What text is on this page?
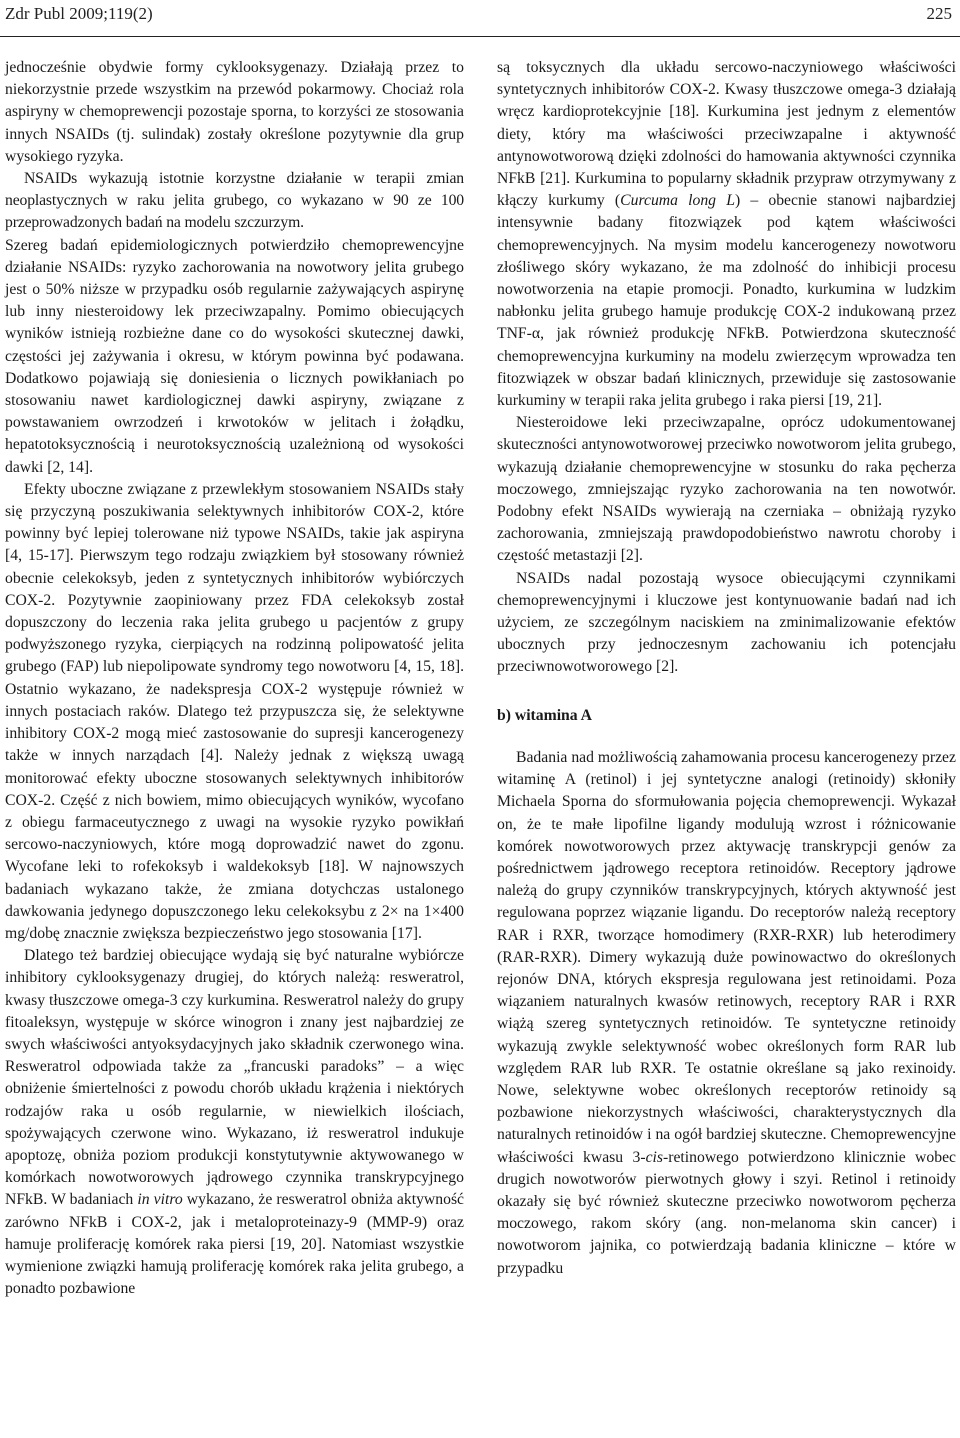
Zdr Publ 2009;119(2)	225

jednocześnie obydwie formy cyklooksygenazy. Działają przez to niekorzystnie przede wszystkim na przewód pokarmowy. Chociaż rola aspiryny w chemoprewencji pozostaje sporna, to korzyści ze stosowania innych NSAIDs (tj. sulindak) zostały określone pozytywnie dla grup wysokiego ryzyka.

NSAIDs wykazują istotnie korzystne działanie w terapii zmian neoplastycznych w raku jelita grubego, co wykazano w 90 ze 100 przeprowadzonych badań na modelu szczurzym.

Szereg badań epidemiologicznych potwierdziło chemoprewencyjne działanie NSAIDs: ryzyko zachorowania na nowotwory jelita grubego jest o 50% niższe w przypadku osób regularnie zażywających aspirynę lub inny niesteroidowy lek przeciwzapalny. Pomimo obiecujących wyników istnieją rozbieżne dane co do wysokości skutecznej dawki, częstości jej zażywania i okresu, w którym powinna być podawana. Dodatkowo pojawiają się doniesienia o licznych powikłaniach po stosowaniu nawet kardiologicznej dawki aspiryny, związane z powstawaniem owrzodzeń i krwotoków w jelitach i żołądku, hepatotoksycznością i neurotoksycznością uzależnioną od wysokości dawki [2, 14].

Efekty uboczne związane z przewlekłym stosowaniem NSAIDs stały się przyczyną poszukiwania selektywnych inhibitorów COX-2, które powinny być lepiej tolerowane niż typowe NSAIDs, takie jak aspiryna [4, 15-17]. Pierwszym tego rodzaju związkiem był stosowany również obecnie celekoksyb, jeden z syntetycznych inhibitorów wybiórczych COX-2. Pozytywnie zaopiniowany przez FDA celekoksyb został dopuszczony do leczenia raka jelita grubego u pacjentów z grupy podwyższonego ryzyka, cierpiących na rodzinną polipowatość jelita grubego (FAP) lub niepolipowate syndromy tego nowotworu [4, 15, 18]. Ostatnio wykazano, że nadekspresja COX-2 występuje również w innych postaciach raków. Dlatego też przypuszcza się, że selektywne inhibitory COX-2 mogą mieć zastosowanie do supresji kancerogenezy także w innych narządach [4]. Należy jednak z większą uwagą monitorować efekty uboczne stosowanych selektywnych inhibitorów COX-2. Część z nich bowiem, mimo obiecujących wyników, wycofano z obiegu farmaceutycznego z uwagi na wysokie ryzyko powikłań sercowo-naczyniowych, które mogą doprowadzić nawet do zgonu. Wycofane leki to rofekoksyb i waldekoksyb [18]. W najnowszych badaniach wykazano także, że zmiana dotychczas ustalonego dawkowania jedynego dopuszczonego leku celekoksybu z 2× na 1×400 mg/dobę znacznie zwiększa bezpieczeństwo jego stosowania [17].

Dlatego też bardziej obiecujące wydają się być naturalne wybiórcze inhibitory cyklooksygenazy drugiej, do których należą: resweratrol, kwasy tłuszczowe omega-3 czy kurkumina. Resweratrol należy do grupy fitoaleksyn, występuje w skórce winogron i znany jest najbardziej ze swych właściwości antyoksydacyjnych jako składnik czerwonego wina. Resweratrol odpowiada także za „francuski paradoks” – a więc obniżenie śmiertelności z powodu chorób układu krążenia i niektórych rodzajów raka u osób regularnie, w niewielkich ilościach, spożywających czerwone wino. Wykazano, iż resweratrol indukuje apoptozę, obniża poziom produkcji konstytutywnie aktywowanego w komórkach nowotworowych jądrowego czynnika transkrypcyjnego NFkB. W badaniach in vitro wykazano, że resweratrol obniża aktywność zarówno NFkB i COX-2, jak i metaloproteinazy-9 (MMP-9) oraz hamuje proliferację komórek raka piersi [19, 20]. Natomiast wszystkie wymienione związki hamują proliferację komórek raka jelita grubego, a ponadto pozbawione

są toksycznych dla układu sercowo-naczyniowego właściwości syntetycznych inhibitorów COX-2. Kwasy tłuszczowe omega-3 działają wręcz kardioprotekcyjnie [18]. Kurkumina jest jednym z elementów diety, który ma właściwości przeciwzapalne i aktywność antynowotworową dzięki zdolności do hamowania aktywności czynnika NFkB [21]. Kurkumina to popularny składnik przypraw otrzymywany z kłączy kurkumy (Curcuma long L) – obecnie stanowi najbardziej intensywnie badany fitozwiązek pod kątem właściwości chemoprewencyjnych. Na mysim modelu kancerogenezy nowotworu złośliwego skóry wykazano, że ma zdolność do inhibicji procesu nowotworzenia na etapie promocji. Ponadto, kurkumina w ludzkim nabłonku jelita grubego hamuje produkcję COX-2 indukowaną przez TNF-α, jak również produkcję NFkB. Potwierdzona skuteczność chemoprewencyjna kurkuminy na modelu zwierzęcym wprowadza ten fitozwiązek w obszar badań klinicznych, przewiduje się zastosowanie kurkuminy w terapii raka jelita grubego i raka piersi [19, 21].

Niesteroidowe leki przeciwzapalne, oprócz udokumentowanej skuteczności antynowotworowej przeciwko nowotworom jelita grubego, wykazują działanie chemoprewencyjne w stosunku do raka pęcherza moczowego, zmniejszając ryzyko zachorowania na ten nowotwór. Podobny efekt NSAIDs wywierają na czerniaka – obniżają ryzyko zachorowania, zmniejszają prawdopodobieństwo nawrotu choroby i częstość metastazji [2].

NSAIDs nadal pozostają wysoce obiecującymi czynnikami chemoprewencyjnymi i kluczowe jest kontynuowanie badań nad ich użyciem, ze szczególnym naciskiem na zminimalizowanie efektów ubocznych przy jednoczesnym zachowaniu ich potencjału przeciwnowotworowego [2].

b) witamina A

Badania nad możliwością zahamowania procesu kancerogenezy przez witaminę A (retinol) i jej syntetyczne analogi (retinoidy) skłoniły Michaela Sporna do sformułowania pojęcia chemoprewencji. Wykazał on, że te małe lipofilne ligandy modulują wzrost i różnicowanie komórek nowotworowych przez aktywację transkrypcji genów za pośrednictwem jądrowego receptora retinoidów. Receptory jądrowe należą do grupy czynników transkrypcyjnych, których aktywność jest regulowana poprzez wiązanie ligandu. Do receptorów należą receptory RAR i RXR, tworzące homodimery (RXR-RXR) lub heterodimery (RAR-RXR). Dimery wykazują duże powinowactwo do określonych rejonów DNA, których ekspresja regulowana jest retinoidami. Poza wiązaniem naturalnych kwasów retinowych, receptory RAR i RXR wiążą szereg syntetycznych retinoidów. Te syntetyczne retinoidy wykazują zwykle selektywność wobec określonych form RAR lub względem RAR lub RXR. Te ostatnie określane są jako rexinoidy. Nowe, selektywne wobec określonych receptorów retinoidy są pozbawione niekorzystnych właściwości, charakterystycznych dla naturalnych retinoidów i na ogół bardziej skuteczne. Chemoprewencyjne właściwości kwasu 3-cis-retinowego potwierdzono klinicznie wobec drugich nowotworów pierwotnych głowy i szyi. Retinol i retinoidy okazały się być również skuteczne przeciwko nowotworom pęcherza moczowego, rakom skóry (ang. non-melanoma skin cancer) i nowotworom jajnika, co potwierdzają badania kliniczne – które w przypadku
